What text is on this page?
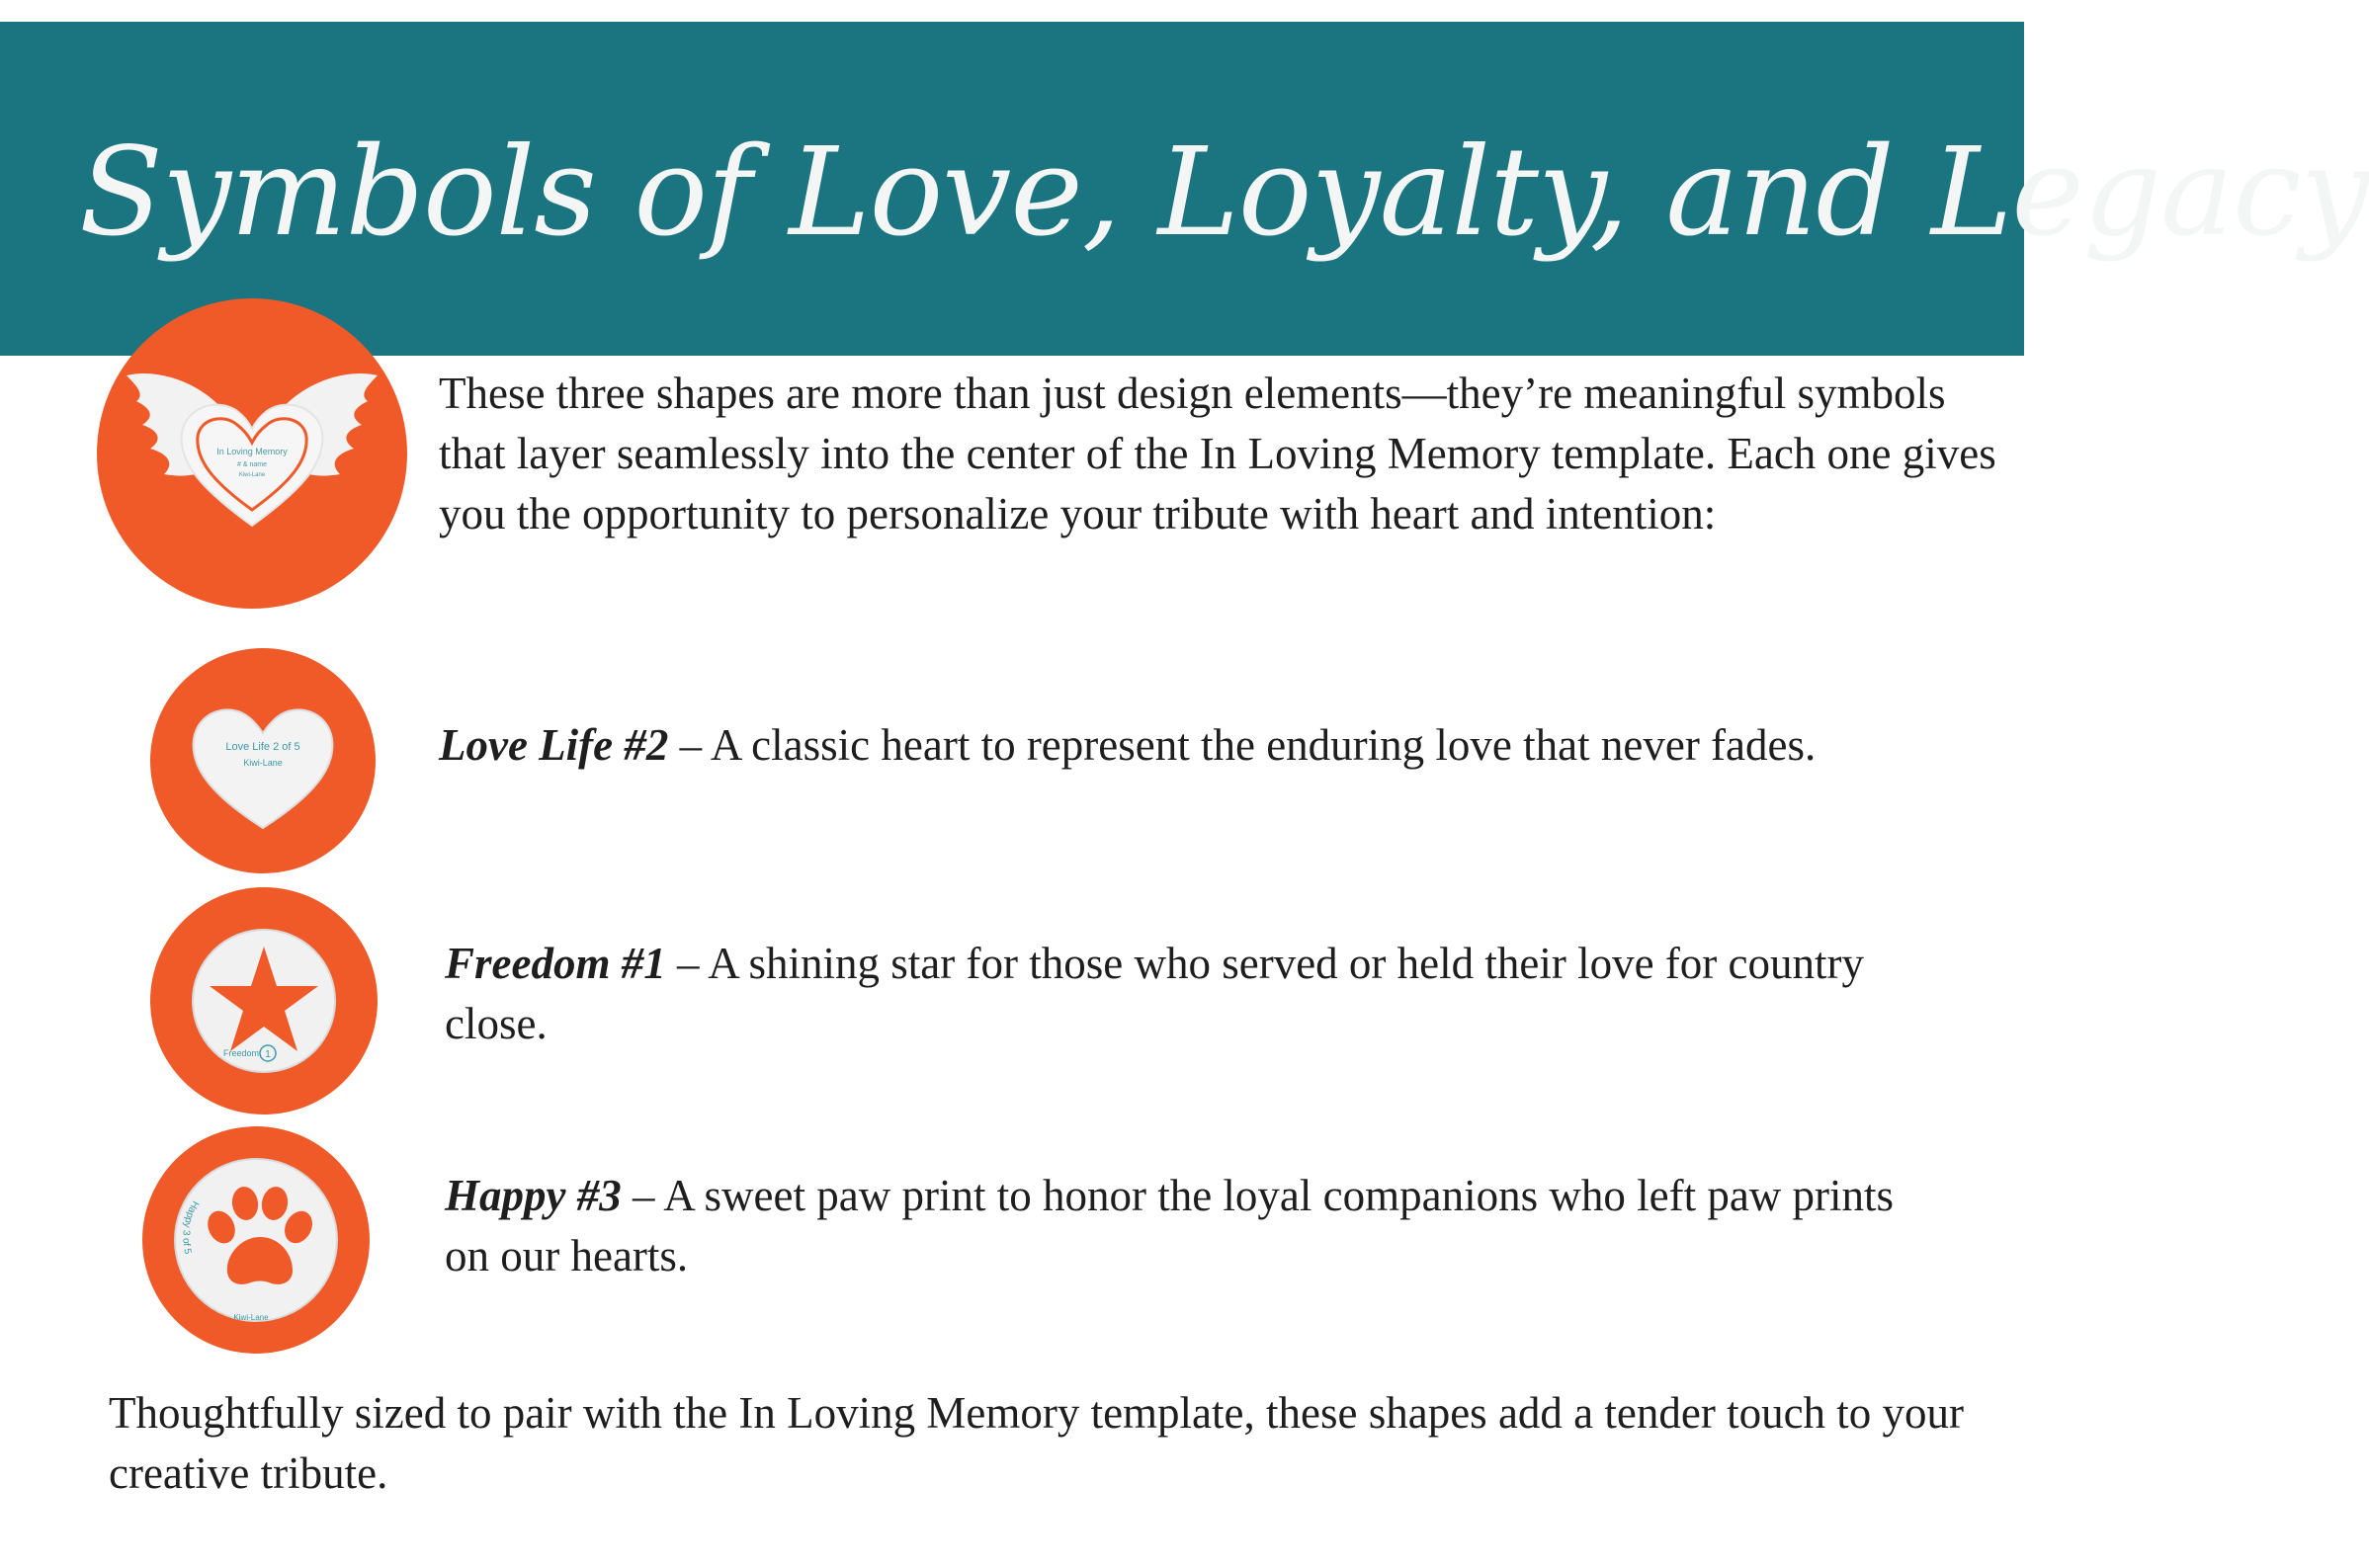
Symbols of Love, Loyalty, and Legacy
In Loving Memory
# & name
Kiwi-Lane

These three shapes are more than just design elements—they’re meaningful symbols that layer seamlessly into the center of the In Loving Memory template. Each one gives you the opportunity to personalize your tribute with heart and intention:

Love Life 2 of 5
Kiwi-Lane	Love Life #2 – A classic heart to represent the enduring love that never fades.

Freedom 1

Freedom #1 – A shining star for those who served or held their love for country close.

Happy 3 of 5
Kiwi-Lane

Happy #3 – A sweet paw print to honor the loyal companions who left paw prints on our hearts.

Thoughtfully sized to pair with the In Loving Memory template, these shapes add a tender touch to your creative tribute.
